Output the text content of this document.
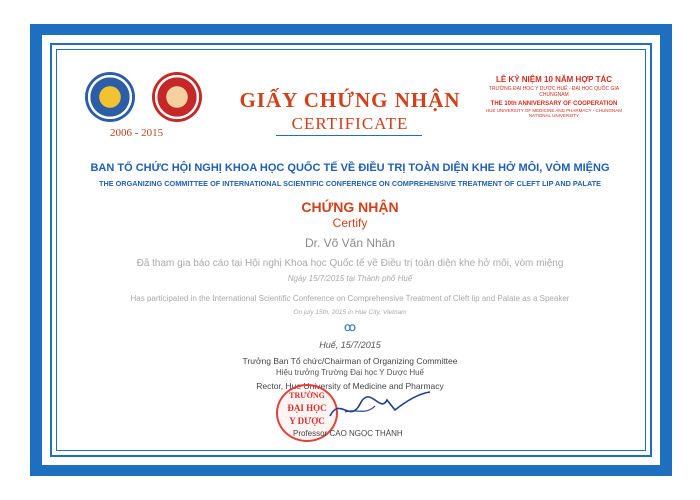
2006 - 2015
GIẤY CHỨNG NHẬN
CERTIFICATE
LỄ KỶ NIỆM 10 NĂM HỢP TÁC
TRƯỜNG ĐẠI HỌC Y DƯỢC HUẾ - ĐẠI HỌC QUỐC GIA CHUNGNAM
THE 10th ANNIVERSARY OF COOPERATION
HUE UNIVERSITY OF MEDICINE AND PHARMACY - CHUNGNAM NATIONAL UNIVERSITY
BAN TỔ CHỨC HỘI NGHỊ KHOA HỌC QUỐC TẾ VỀ ĐIỀU TRỊ TOÀN DIỆN KHE HỞ MÔI, VÒM MIỆNG
THE ORGANIZING COMMITTEE OF INTERNATIONAL SCIENTIFIC CONFERENCE ON COMPREHENSIVE TREATMENT OF CLEFT LIP AND PALATE
CHỨNG NHẬN
Certify
Dr. Võ Văn Nhân
Đã tham gia báo cáo tại Hội nghị Khoa học Quốc tế về Điều trị toàn diện khe hở môi, vòm miệng
Ngày 15/7/2015 tại Thành phố Huế
Has participated in the International Scientific Conference on Comprehensive Treatment of Cleft lip and Palate as a Speaker
On july 15th, 2015 in Hue City, Vietnam
ꝏ
Huế, 15/7/2015
Trưởng Ban Tổ chức/Chairman of Organizing Committee
Hiệu trưởng Trường Đại học Y Dược Huế
Rector, Hue University of Medicine and Pharmacy
TRƯỜNG
ĐẠI HỌC
Y DƯỢC
Professor CAO NGỌC THÀNH
